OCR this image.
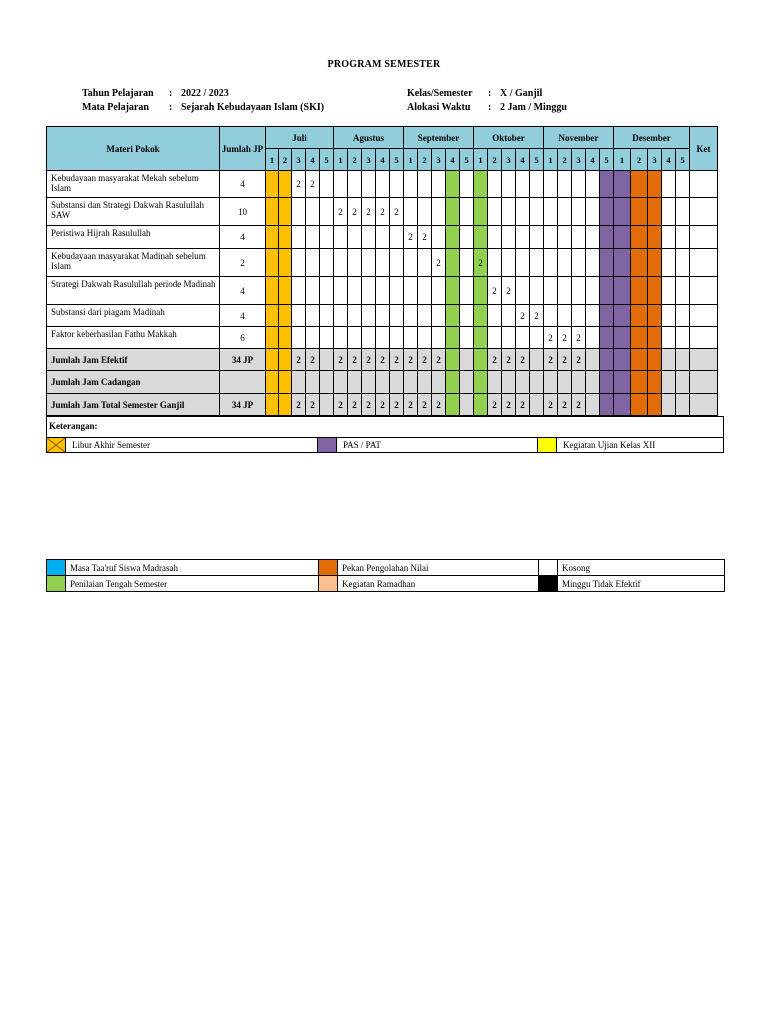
PROGRAM SEMESTER
Tahun Pelajaran : 2022 / 2023
Mata Pelajaran : Sejarah Kebudayaan Islam (SKI)
Kelas/Semester : X / Ganjil
Alokasi Waktu : 2 Jam / Minggu
Materi Pokok	Jumlah JP	Juli					Agustus					September					Oktober					November					Desember					Ket
		1	2	3	4	5	1	2	3	4	5	1	2	3	4	5	1	2	3	4	5	1	2	3	4	5	1	2	3	4	5	
Kebudayaan masyarakat Mekah sebelum Islam	4			2	2																											
Substansi dan Strategi Dakwah Rasulullah SAW	10						2	2	2	2	2																					
Peristiwa Hijrah Rasulullah	4											2	2																			
Kebudayaan masyarakat Madinah sebelum Islam	2													2			2															
Strategi Dakwah Rasulullah periode Madinah	4																	2	2													
Substansi dari piagam Madinah	4																			2	2											
Faktor keberhasilan Fathu Makkah	6																					2	2	2								
Jumlah Jam Efektif	34 JP			2	2		2	2	2	2	2	2	2	2				2	2	2		2	2	2								
Jumlah Jam Cadangan																																
Jumlah Jam Total Semester Ganjil	34 JP			2	2		2	2	2	2	2	2	2	2				2	2	2		2	2	2								
Keterangan:
Libur Akhir Semester	PAS / PAT	Kegiatan Ujian Kelas XII
	Masa Taa'ruf Siswa Madrasah		Pekan Pengolahan Nilai		Kosong
	Penilaian Tengah Semester		Kegiatan Ramadhan		Minggu Tidak Efektif
